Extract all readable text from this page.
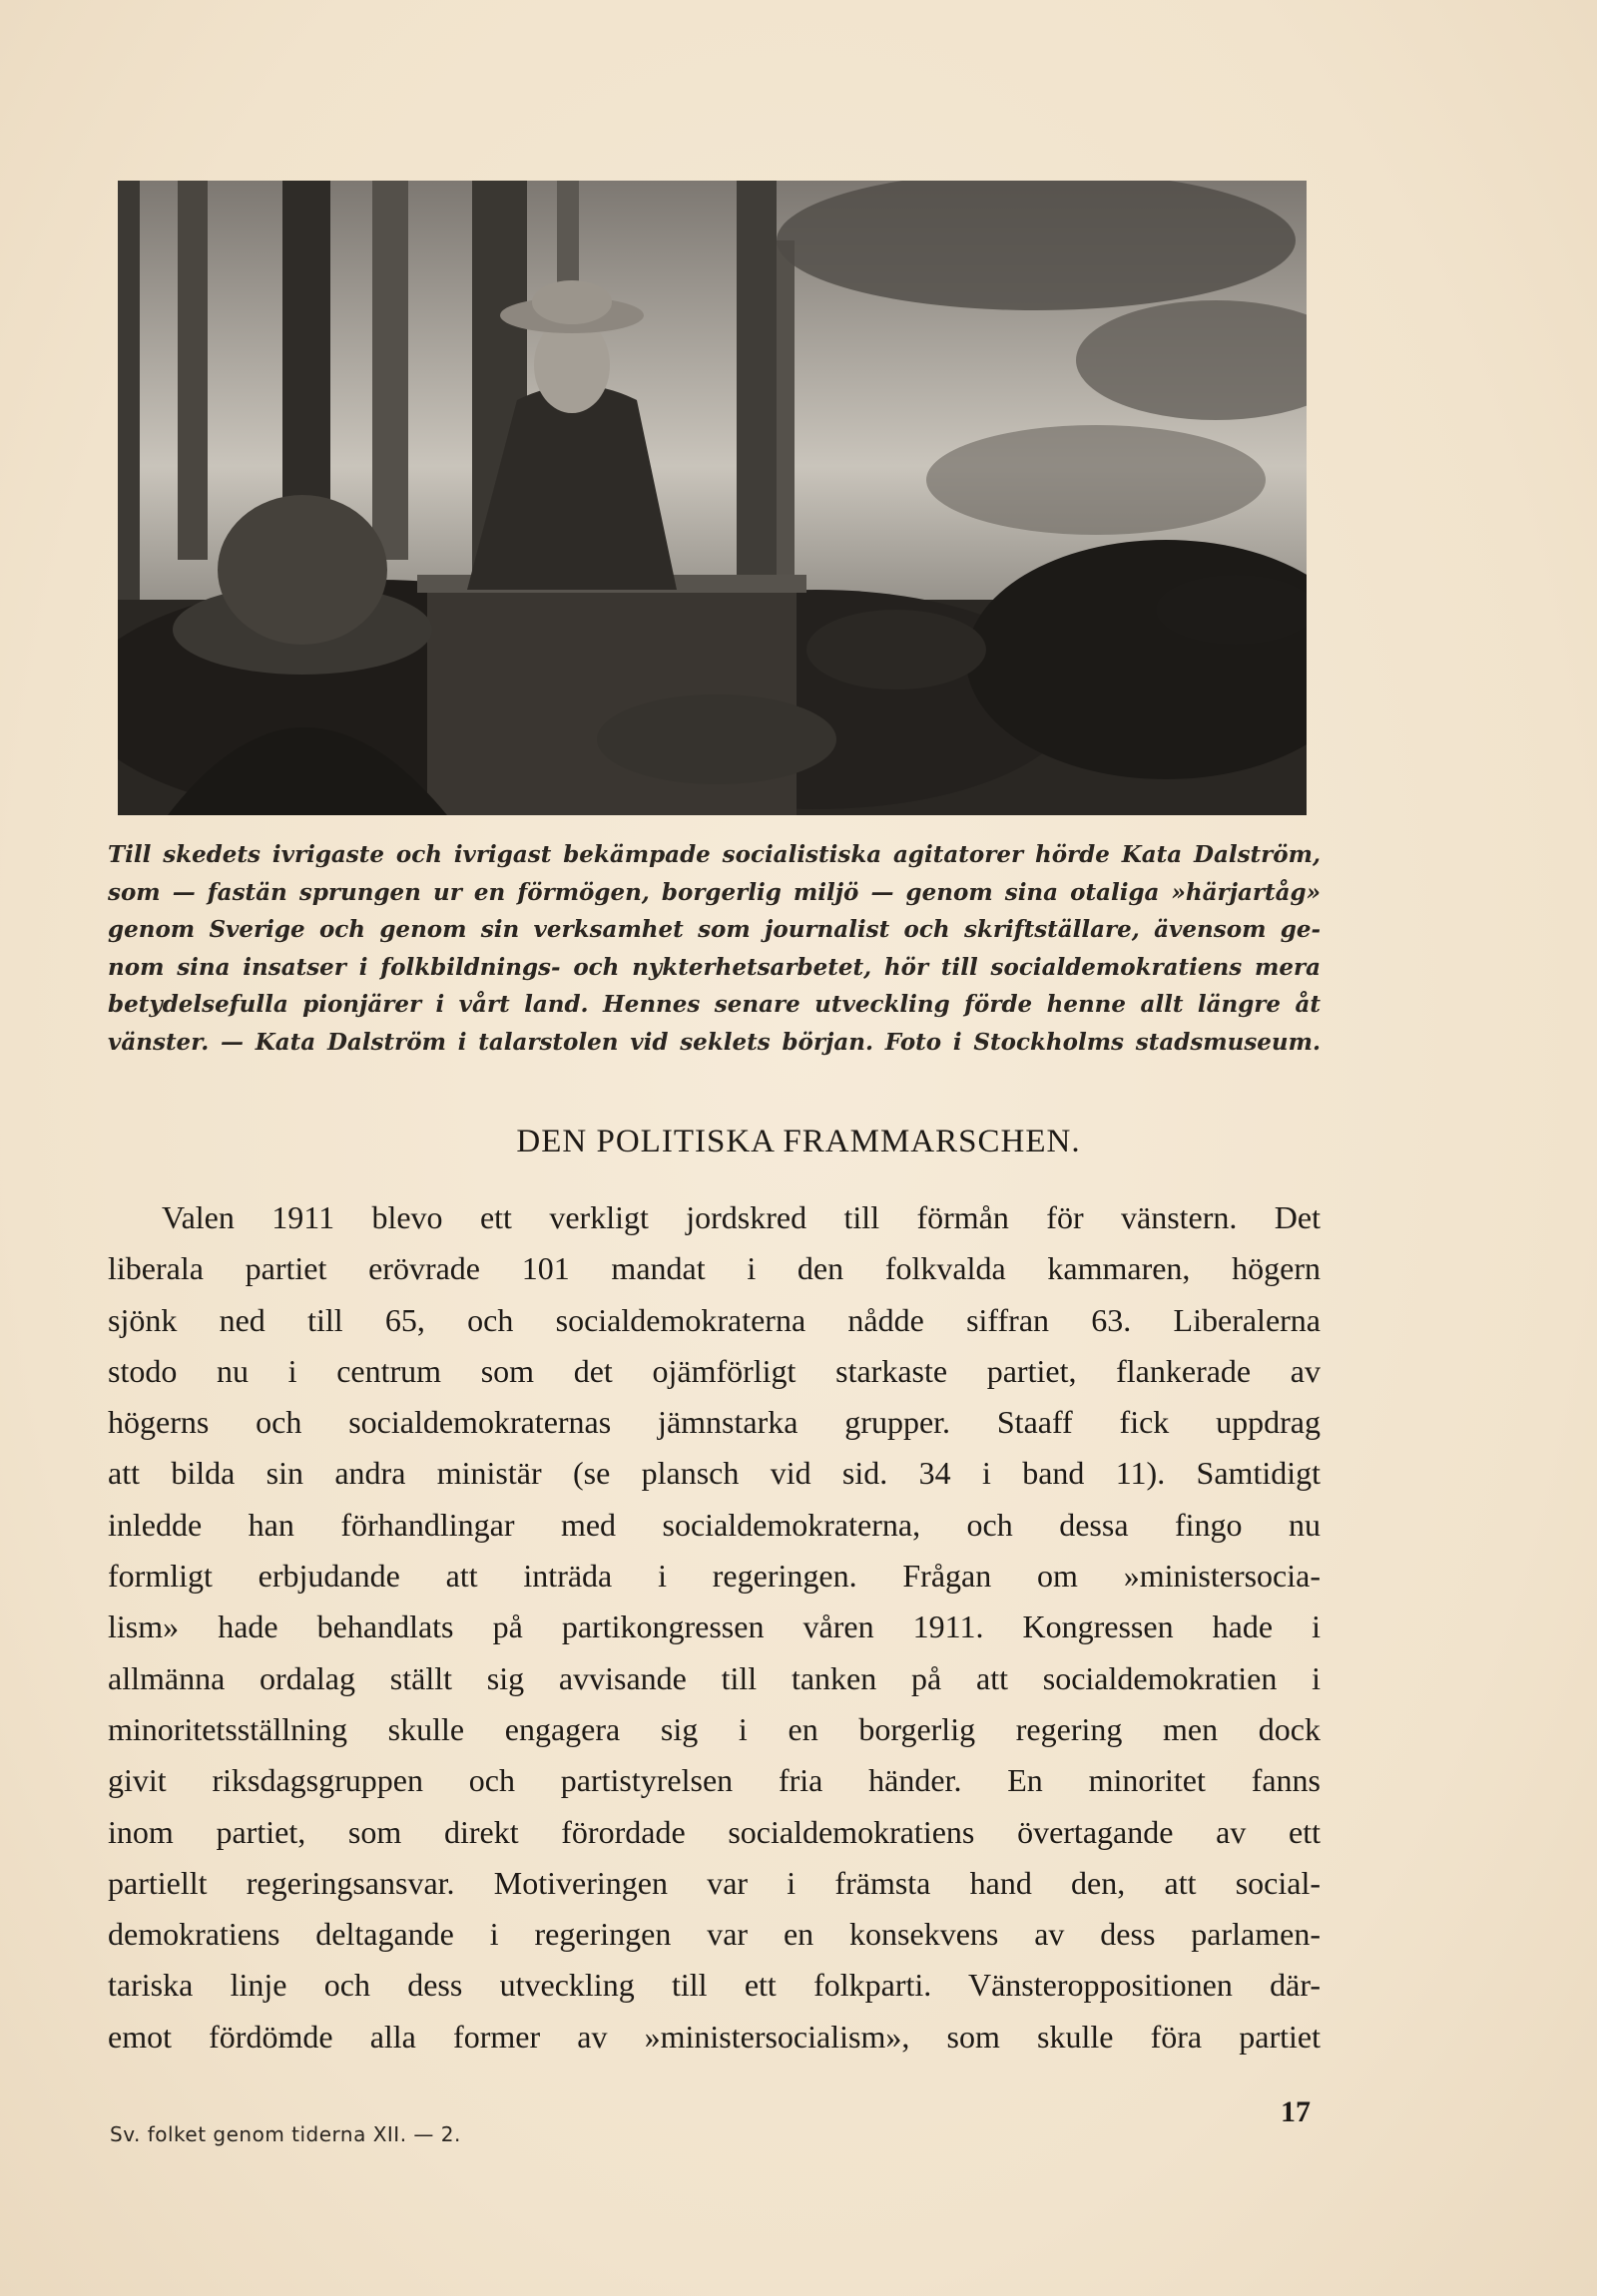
Till skedets ivrigaste och ivrigast bekämpade socialistiska agitatorer hörde Kata Dalström,
som — fastän sprungen ur en förmögen, borgerlig miljö — genom sina otaliga »härjartåg»
genom Sverige och genom sin verksamhet som journalist och skriftställare, ävensom ge-
nom sina insatser i folkbildnings- och nykterhetsarbetet, hör till socialdemokratiens mera
betydelsefulla pionjärer i vårt land. Hennes senare utveckling förde henne allt längre åt
vänster. — Kata Dalström i talarstolen vid seklets början. Foto i Stockholms stadsmuseum.
DEN POLITISKA FRAMMARSCHEN.
Valen 1911 blevo ett verkligt jordskred till förmån för vänstern. Det
liberala partiet erövrade 101 mandat i den folkvalda kammaren, högern
sjönk ned till 65, och socialdemokraterna nådde siffran 63. Liberalerna
stodo nu i centrum som det ojämförligt starkaste partiet, flankerade av
högerns och socialdemokraternas jämnstarka grupper. Staaff fick uppdrag
att bilda sin andra ministär (se plansch vid sid. 34 i band 11). Samtidigt
inledde han förhandlingar med socialdemokraterna, och dessa fingo nu
formligt erbjudande att inträda i regeringen. Frågan om »ministersocia-
lism» hade behandlats på partikongressen våren 1911. Kongressen hade i
allmänna ordalag ställt sig avvisande till tanken på att socialdemokratien i
minoritetsställning skulle engagera sig i en borgerlig regering men dock
givit riksdagsgruppen och partistyrelsen fria händer. En minoritet fanns
inom partiet, som direkt förordade socialdemokratiens övertagande av ett
partiellt regeringsansvar. Motiveringen var i främsta hand den, att social-
demokratiens deltagande i regeringen var en konsekvens av dess parlamen-
tariska linje och dess utveckling till ett folkparti. Vänsteroppositionen där-
emot fördömde alla former av »ministersocialism», som skulle föra partiet
Sv. folket genom tiderna XII. — 2.
17
